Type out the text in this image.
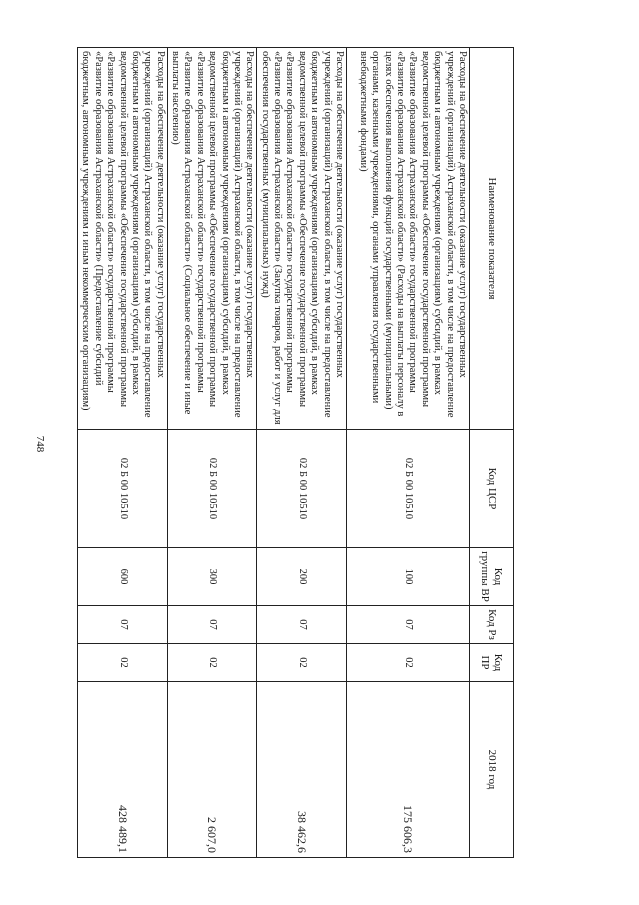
748
Наименование показателя	Код ЦСР	Код группы ВР	Код Рз	Код ПР	2018 год
Расходы на обеспечение деятельности (оказание услуг) государственных учреждений (организаций) Астраханской области, в том числе на предоставление бюджетным и автономным учреждениям (организациям) субсидий, в рамках ведомственной целевой программы «Обеспечение государственной программы «Развитие образования Астраханской области» государственной программы «Развитие образования Астраханской области» (Расходы на выплаты персоналу в целях обеспечения выполнения функций государственными (муниципальными) органами, казенными учреждениями, органами управления государственными внебюджетными фондами)	02 Б 00 10510	100	07	02	175 606,3
Расходы на обеспечение деятельности (оказание услуг) государственных учреждений (организаций) Астраханской области, в том числе на предоставление бюджетным и автономным учреждениям (организациям) субсидий, в рамках ведомственной целевой программы «Обеспечение государственной программы «Развитие образования Астраханской области» государственной программы «Развитие образования Астраханской области» (Закупка товаров, работ и услуг для обеспечения государственных (муниципальных) нужд)	02 Б 00 10510	200	07	02	38 462,6
Расходы на обеспечение деятельности (оказание услуг) государственных учреждений (организаций) Астраханской области, в том числе на предоставление бюджетным и автономным учреждениям (организациям) субсидий, в рамках ведомственной целевой программы «Обеспечение государственной программы «Развитие образования Астраханской области» государственной программы «Развитие образования Астраханской области» (Социальное обеспечение и иные выплаты населению)	02 Б 00 10510	300	07	02	2 607,0
Расходы на обеспечение деятельности (оказание услуг) государственных учреждений (организаций) Астраханской области, в том числе на предоставление бюджетным и автономным учреждениям (организациям) субсидий, в рамках ведомственной целевой программы «Обеспечение государственной программы «Развитие образования Астраханской области» государственной программы «Развитие образования Астраханской области» (Предоставление субсидий бюджетным, автономным учреждениям и иным некоммерческим организациям)	02 Б 00 10510	600	07	02	428 489,1
